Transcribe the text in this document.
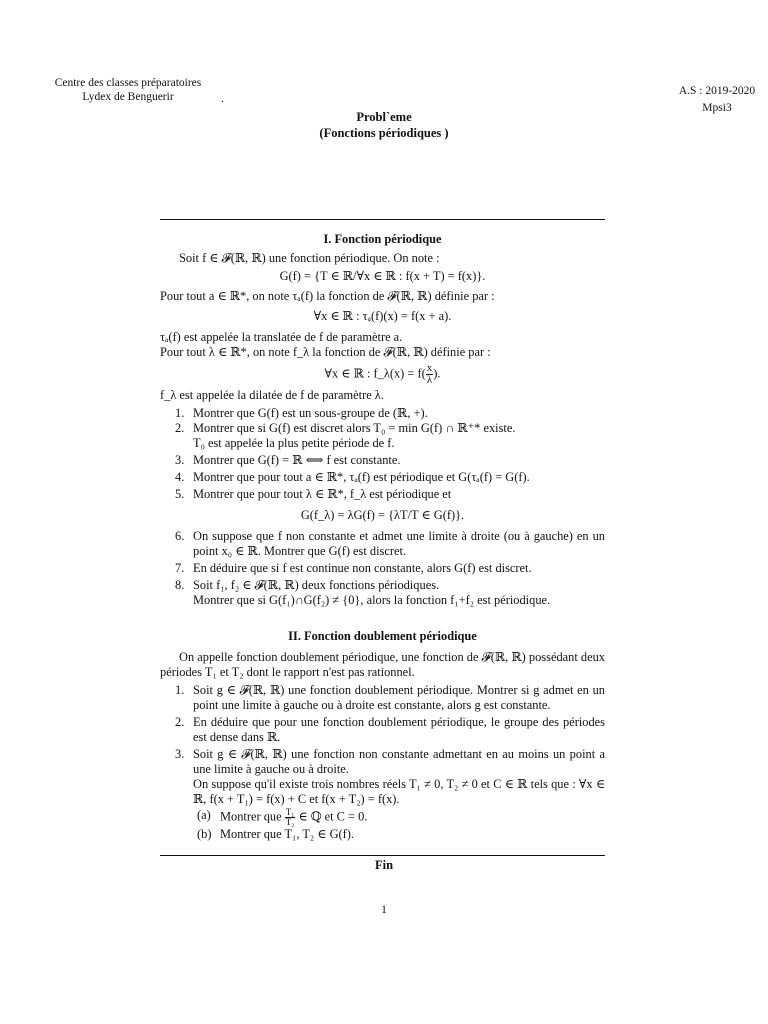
Centre des classes préparatoires
Lydex de Benguerir	.
A.S : 2019-2020
Mpsi3
Probl`eme
(Fonctions périodiques )

I. Fonction périodique

Soit f ∈ 𝓕(ℝ, ℝ) une fonction périodique. On note :

G(f) = {T ∈ ℝ/∀x ∈ ℝ : f(x + T) = f(x)}.

Pour tout a ∈ ℝ*, on note τₐ(f) la fonction de 𝓕(ℝ, ℝ) définie par :

∀x ∈ ℝ : τₐ(f)(x) = f(x + a).

τₐ(f) est appelée la translatée de f de paramètre a.

Pour tout λ ∈ ℝ*, on note f_λ la fonction de 𝓕(ℝ, ℝ) définie par :

∀x ∈ ℝ : f_λ(x) = $f( \frac{x}{\lambda}$ ).

f_λ est appelée la dilatée de f de paramètre λ.

1. Montrer que G(f) est un sous-groupe de (ℝ, +).
2. Montrer que si G(f) est discret alors T₀ = min G(f) ∩ ℝ⁺* existe.
T₀ est appelée la plus petite période de f.
3. Montrer que G(f) = ℝ ⟺ f est constante.
4. Montrer que pour tout a ∈ ℝ*, τₐ(f) est périodique et G(τₐ(f) = G(f).
5. Montrer que pour tout λ ∈ ℝ*, f_λ est périodique et

G(f_λ) = λG(f) = {λT/T ∈ G(f)}.

6. On suppose que f non constante et admet une limite à droite (ou à gauche) en un point x₀ ∈ ℝ. Montrer que G(f) est discret.
7. En déduire que si f est continue non constante, alors G(f) est discret.
8. Soit f₁, f₂ ∈ 𝓕(ℝ, ℝ) deux fonctions périodiques.
Montrer que si G(f₁)∩G(f₂) ≠ {0}, alors la fonction f₁+f₂ est périodique.

II. Fonction doublement périodique

On appelle fonction doublement périodique, une fonction de 𝓕(ℝ, ℝ) possédant deux périodes T₁ et T₂ dont le rapport n'est pas rationnel.

1. Soit g ∈ 𝓕(ℝ, ℝ) une fonction doublement périodique. Montrer si g admet en un point une limite à gauche ou à droite est constante, alors g est constante.
2. En déduire que pour une fonction doublement périodique, le groupe des périodes est dense dans ℝ.
3. Soit g ∈ 𝓕(ℝ, ℝ) une fonction non constante admettant en au moins un point a une limite à gauche ou à droite.
On suppose qu'il existe trois nombres réels T₁ ≠ 0, T₂ ≠ 0 et C ∈ ℝ tels que : ∀x ∈ ℝ, f(x + T₁) = f(x) + C et f(x + T₂) = f(x).
(a) Montrer que $\frac{\text{T₁}}{\text{T₂}}$ ∈ ℚ et C = 0.
(b) Montrer que T₁, T₂ ∈ G(f).
Fin
1
